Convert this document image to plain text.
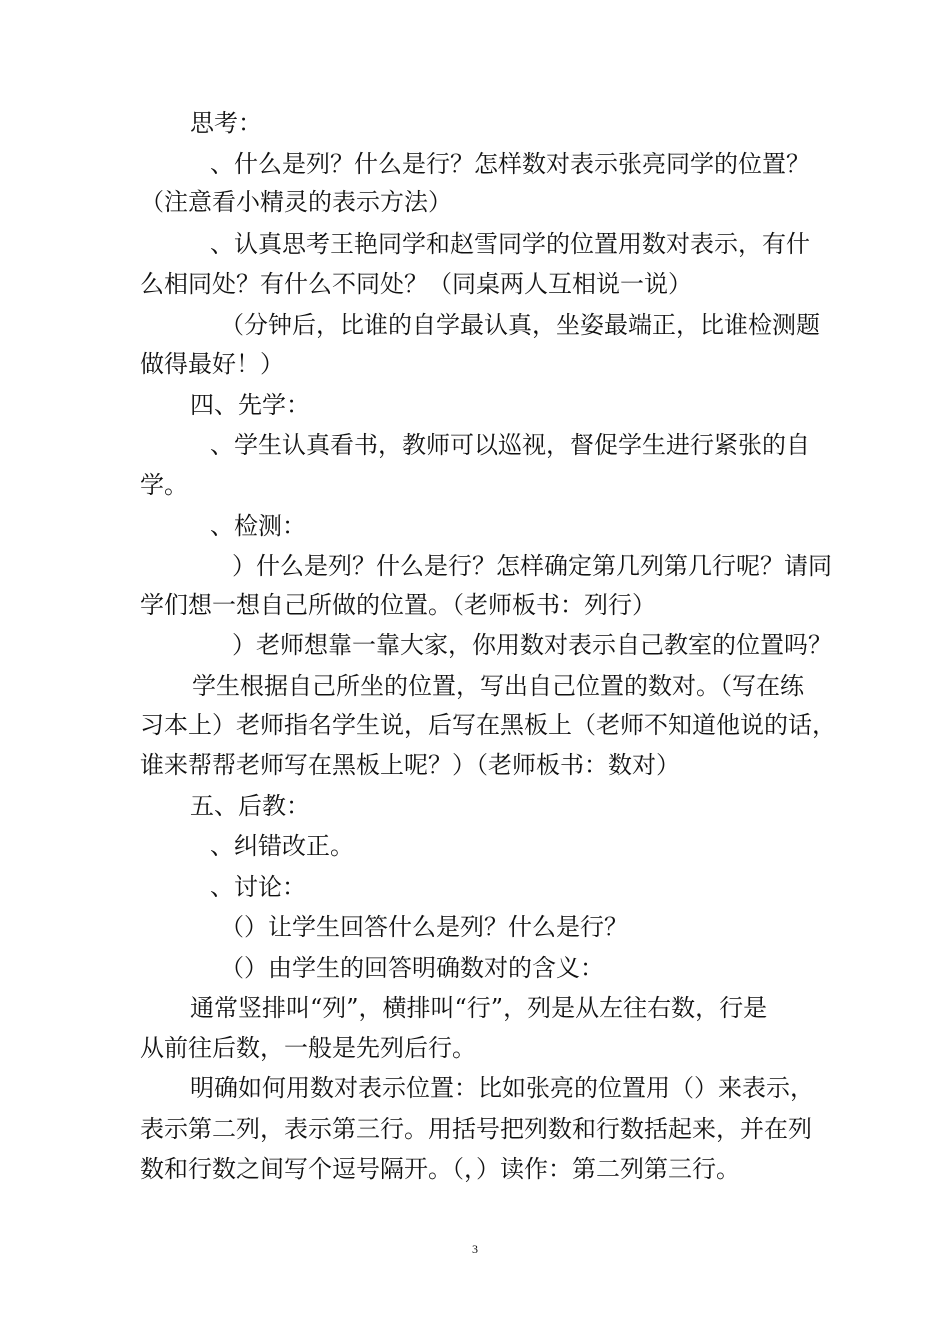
思考：
、什么是列？什么是行？怎样数对表示张亮同学的位置？
（注意看小精灵的表示方法）
、认真思考王艳同学和赵雪同学的位置用数对表示，有什
么相同处？有什么不同处？（同桌两人互相说一说）
（分钟后，比谁的自学最认真，坐姿最端正，比谁检测题
做得最好！）
四、先学：
、学生认真看书，教师可以巡视，督促学生进行紧张的自
学。
、检测：
）什么是列？什么是行？怎样确定第几列第几行呢？请同
学们想一想自己所做的位置。（老师板书：列行）
）老师想靠一靠大家，你用数对表示自己教室的位置吗？
学生根据自己所坐的位置，写出自己位置的数对。（写在练
习本上）老师指名学生说，后写在黑板上（老师不知道他说的话，
谁来帮帮老师写在黑板上呢？）（老师板书：数对）
五、后教：
、纠错改正。
、讨论：
（）让学生回答什么是列？什么是行？
（）由学生的回答明确数对的含义：
通常竖排叫“列”，横排叫“行”，列是从左往右数，行是
从前往后数，一般是先列后行。
明确如何用数对表示位置：比如张亮的位置用（）来表示，
表示第二列，表示第三行。用括号把列数和行数括起来，并在列
数和行数之间写个逗号隔开。（，）读作：第二列第三行。
3
